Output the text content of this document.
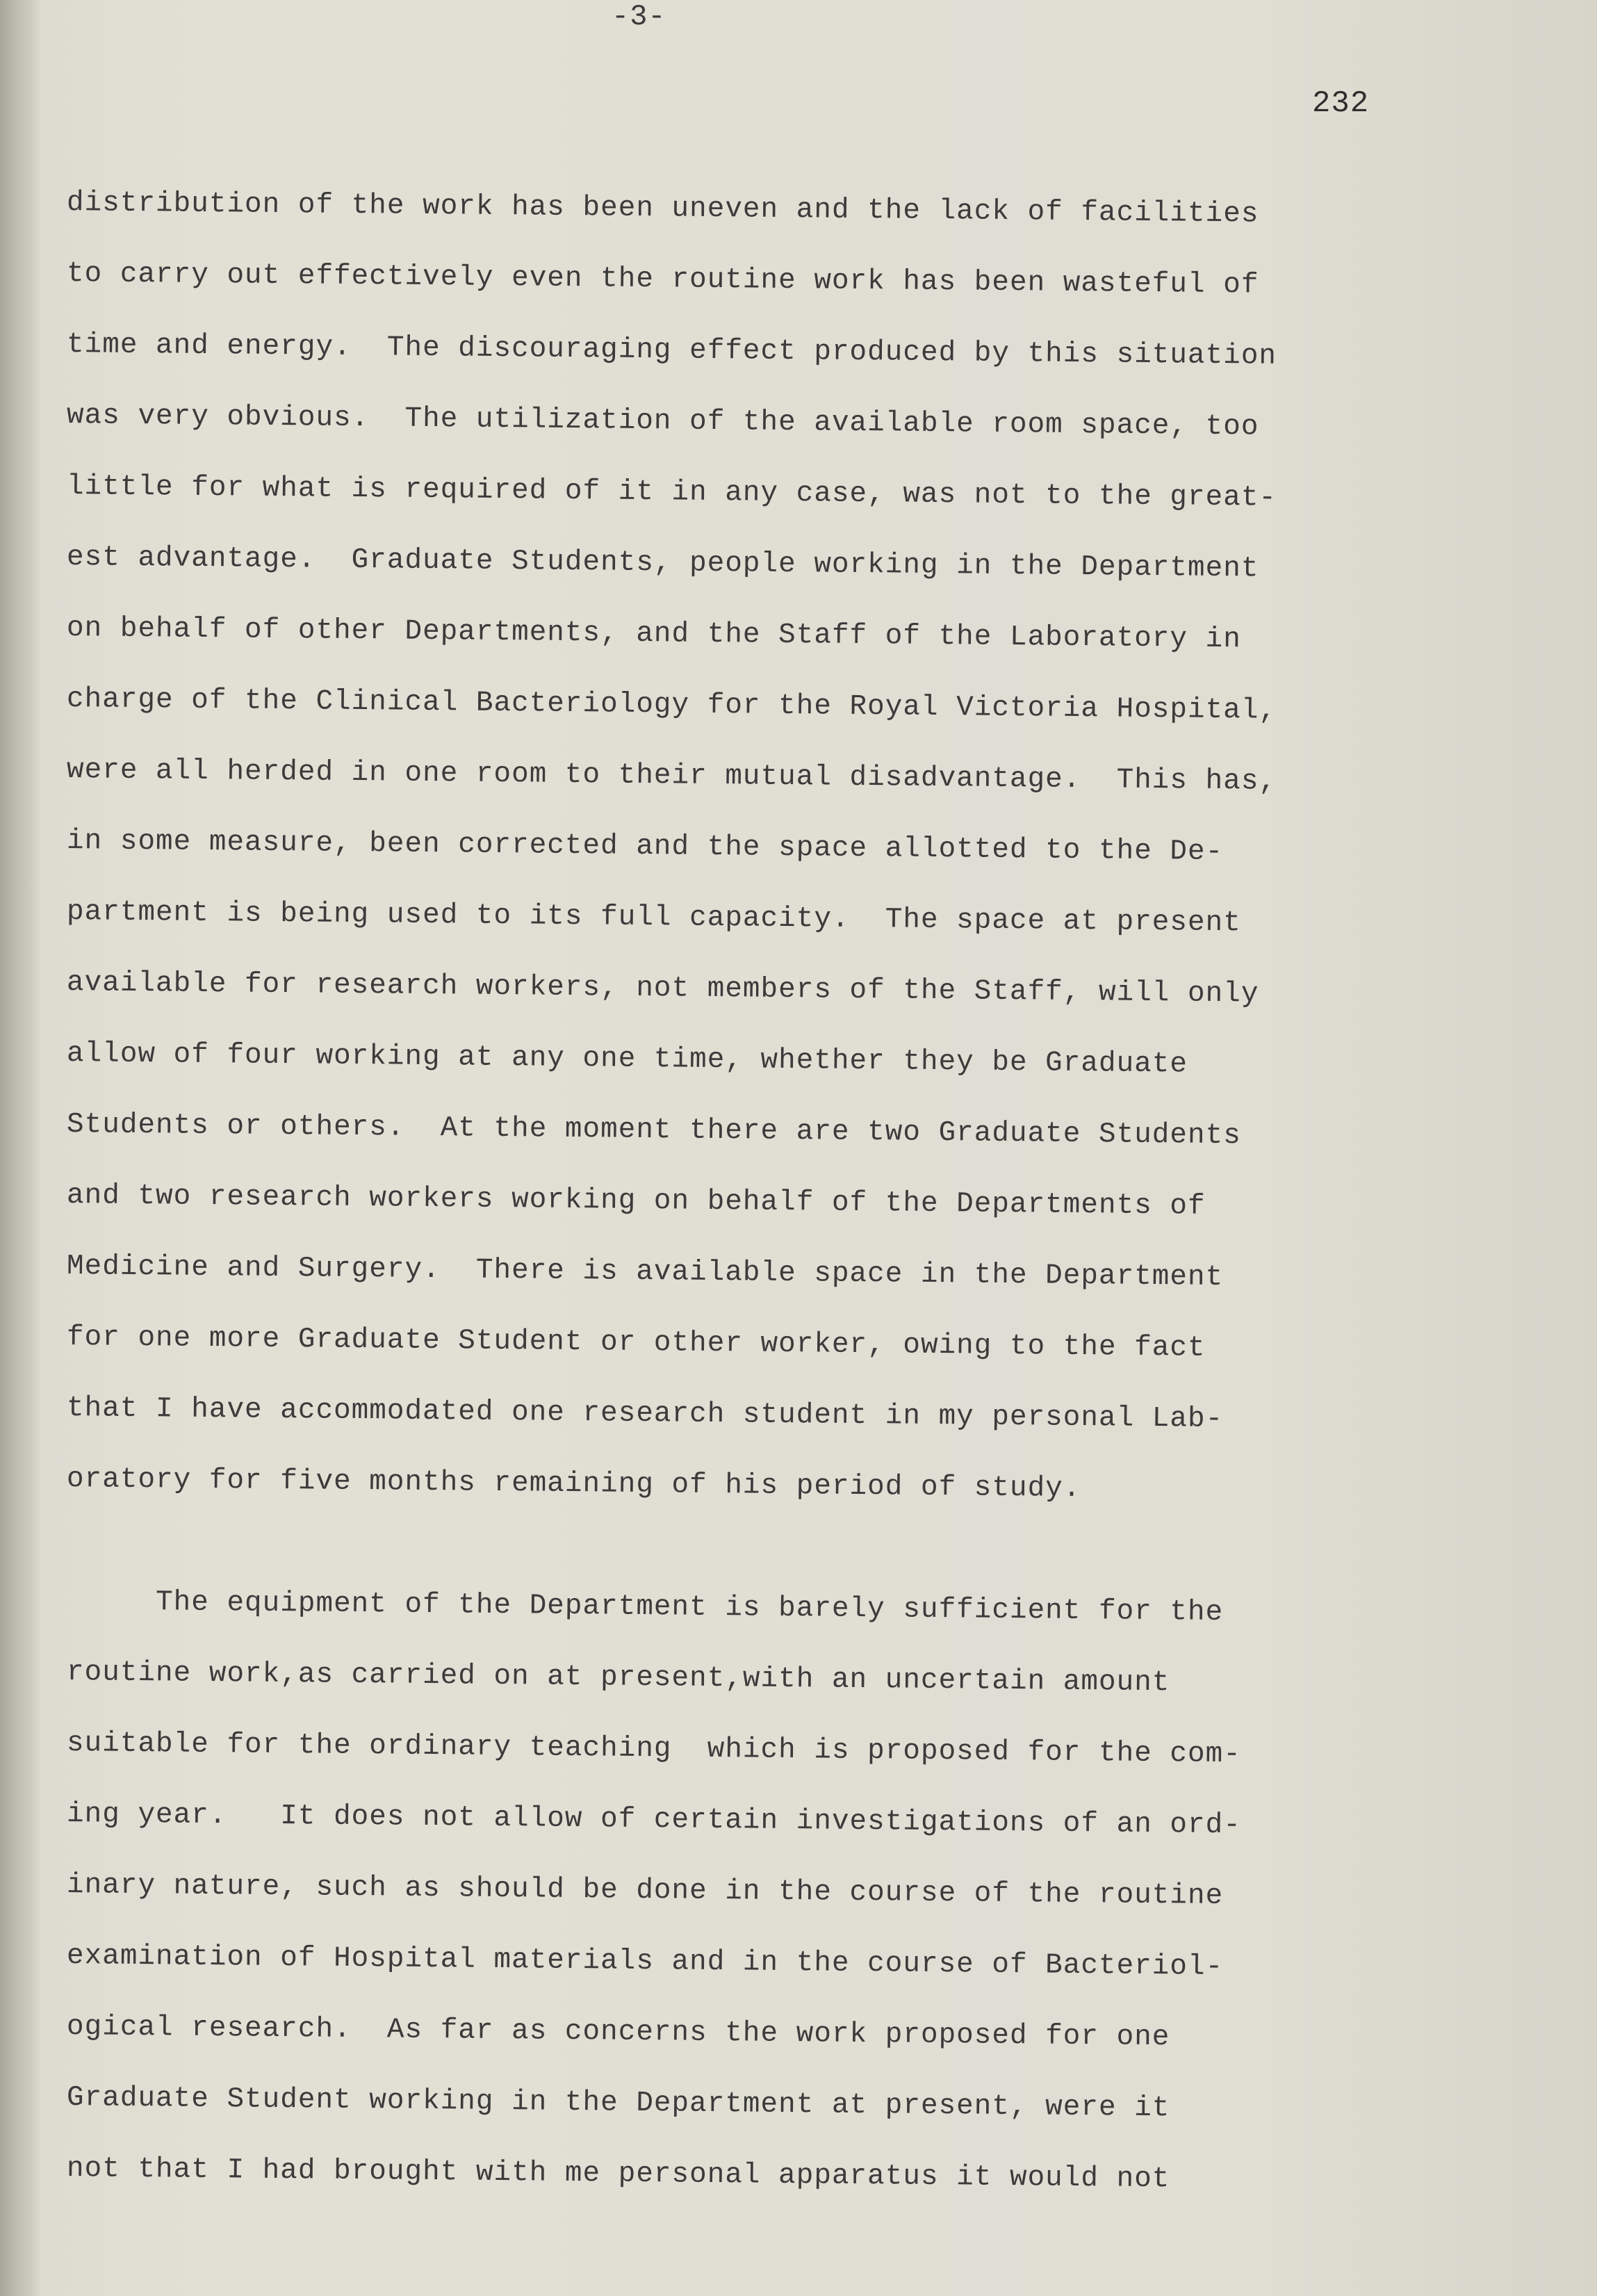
-3-
232
distribution of the work has been uneven and the lack of facilities
to carry out effectively even the routine work has been wasteful of
time and energy.  The discouraging effect produced by this situation
was very obvious.  The utilization of the available room space, too
little for what is required of it in any case, was not to the great-
est advantage.  Graduate Students, people working in the Department
on behalf of other Departments, and the Staff of the Laboratory in
charge of the Clinical Bacteriology for the Royal Victoria Hospital,
were all herded in one room to their mutual disadvantage.  This has,
in some measure, been corrected and the space allotted to the De-
partment is being used to its full capacity.  The space at present
available for research workers, not members of the Staff, will only
allow of four working at any one time, whether they be Graduate
Students or others.  At the moment there are two Graduate Students
and two research workers working on behalf of the Departments of
Medicine and Surgery.  There is available space in the Department
for one more Graduate Student or other worker, owing to the fact
that I have accommodated one research student in my personal Lab-
oratory for five months remaining of his period of study.
The equipment of the Department is barely sufficient for the
routine work,as carried on at present,with an uncertain amount
suitable for the ordinary teaching  which is proposed for the com-
ing year.   It does not allow of certain investigations of an ord-
inary nature, such as should be done in the course of the routine
examination of Hospital materials and in the course of Bacteriol-
ogical research.  As far as concerns the work proposed for one
Graduate Student working in the Department at present, were it
not that I had brought with me personal apparatus it would not
